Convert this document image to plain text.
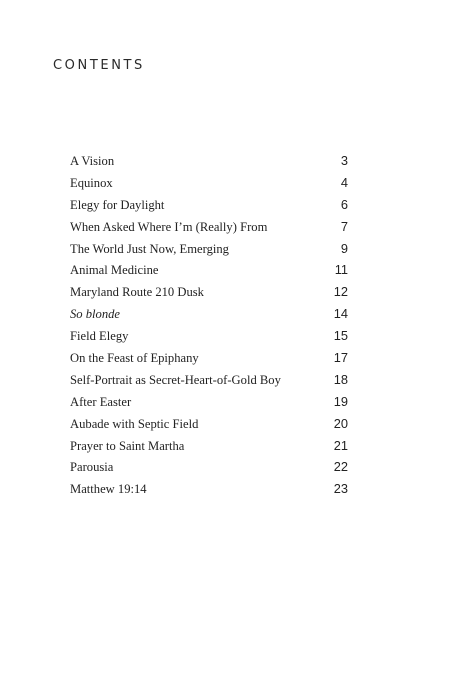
CONTENTS
A Vision	3
Equinox	4
Elegy for Daylight	6
When Asked Where I’m (Really) From	7
The World Just Now, Emerging	9
Animal Medicine	11
Maryland Route 210 Dusk	12
So blonde	14
Field Elegy	15
On the Feast of Epiphany	17
Self-Portrait as Secret-Heart-of-Gold Boy	18
After Easter	19
Aubade with Septic Field	20
Prayer to Saint Martha	21
Parousia	22
Matthew 19:14	23
